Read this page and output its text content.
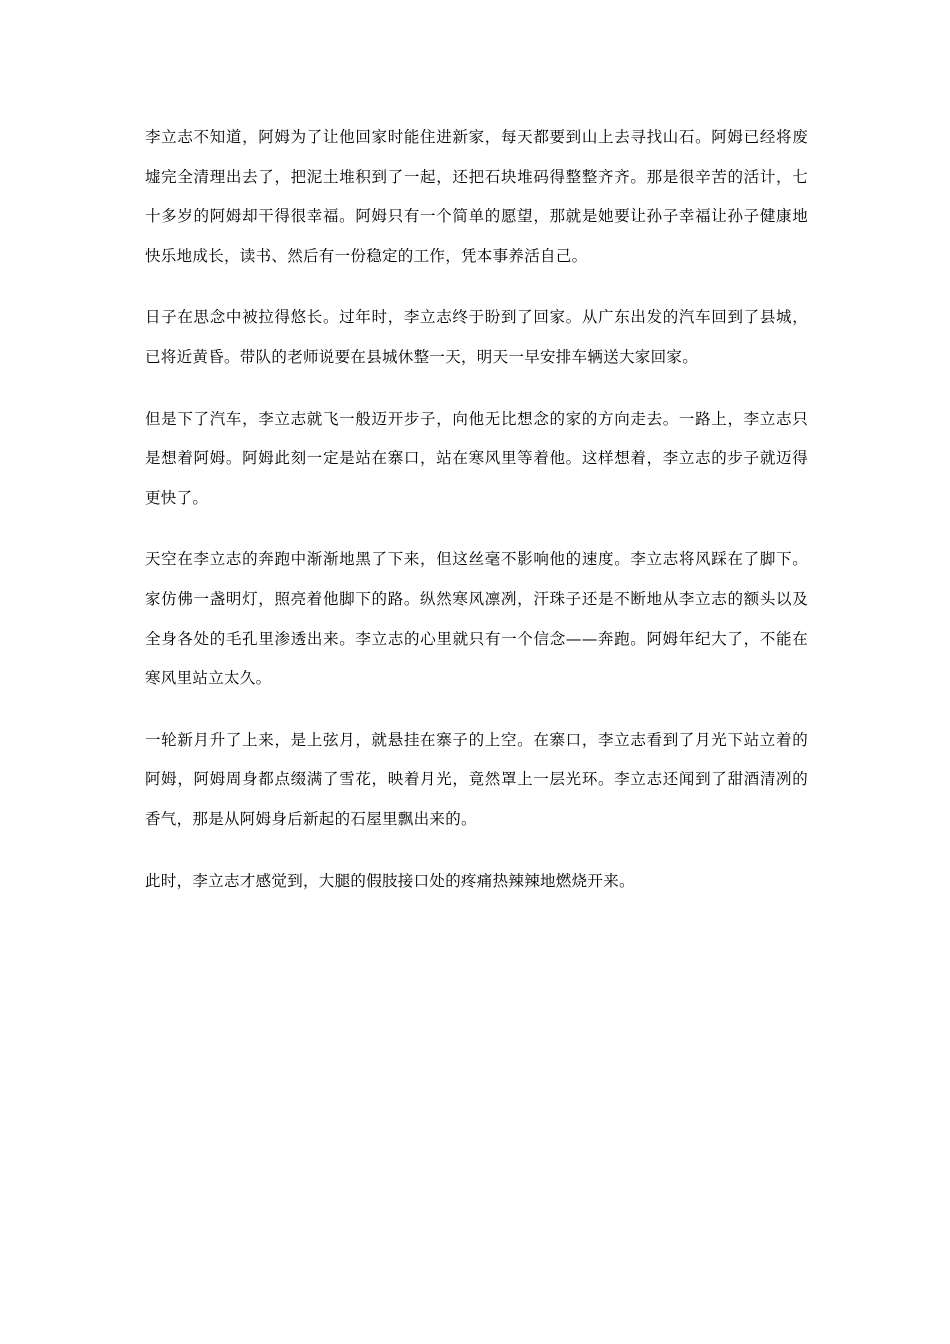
李立志不知道，阿姆为了让他回家时能住进新家，每天都要到山上去寻找山石。阿姆已经将废墟完全清理出去了，把泥土堆积到了一起，还把石块堆码得整整齐齐。那是很辛苦的活计，七十多岁的阿姆却干得很幸福。阿姆只有一个简单的愿望，那就是她要让孙子幸福让孙子健康地快乐地成长，读书、然后有一份稳定的工作，凭本事养活自己。

日子在思念中被拉得悠长。过年时，李立志终于盼到了回家。从广东出发的汽车回到了县城，已将近黄昏。带队的老师说要在县城休整一天，明天一早安排车辆送大家回家。

但是下了汽车，李立志就飞一般迈开步子，向他无比想念的家的方向走去。一路上，李立志只是想着阿姆。阿姆此刻一定是站在寨口，站在寒风里等着他。这样想着，李立志的步子就迈得更快了。

天空在李立志的奔跑中渐渐地黑了下来，但这丝毫不影响他的速度。李立志将风踩在了脚下。家仿佛一盏明灯，照亮着他脚下的路。纵然寒风凛冽，汗珠子还是不断地从李立志的额头以及全身各处的毛孔里渗透出来。李立志的心里就只有一个信念——奔跑。阿姆年纪大了，不能在寒风里站立太久。

一轮新月升了上来，是上弦月，就悬挂在寨子的上空。在寨口，李立志看到了月光下站立着的阿姆，阿姆周身都点缀满了雪花，映着月光，竟然罩上一层光环。李立志还闻到了甜酒清冽的香气，那是从阿姆身后新起的石屋里飘出来的。

此时，李立志才感觉到，大腿的假肢接口处的疼痛热辣辣地燃烧开来。
